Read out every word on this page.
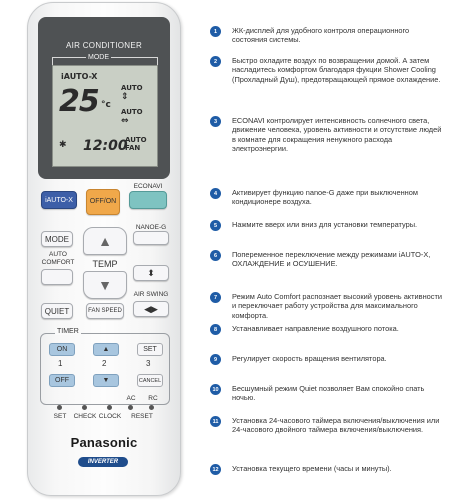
AIR CONDITIONER
MODE
iAUTO-X
25 °c
AUTO
⇕
AUTO
⇔
12:00
✱	AUTO
FAN
iAUTO-X	OFF/ON
ECONAVI
MODE ▲
NANOE-G
AUTO COMFORT	TEMP
▼
⬍
QUIET	FAN SPEED
AIR SWING
◀▶
TIMER
ON	▲	SET
1	2	3
OFF	▼	CANCEL
AC	RC
SET	CHECK CLOCK	RESET
Panasonic
INVERTER
1	ЖК-дисплей для удобного контроля операционного состояния системы.
2	Быстро охладите воздух по возвращении домой. А затем насладитесь комфортом благодаря фукции Shower Cooling (Прохладный Душ), предотвращающей прямое охлаждение.
3	ECONAVI контролирует интенсивность солнечного света, движение человека, уровень активности и отсутствие людей в комнате для сокращения ненужного расхода электроэнергии.
4	Активирует функцию nanoe-G даже при выключенном кондиционере воздуха.
5	Нажмите вверх или вниз для установки температуры.
6	Попеременное переключение между режимами iAUTO-X, ОХЛАЖДЕНИЕ и ОСУШЕНИЕ.
7	Режим Auto Comfort распознает высокий уровень активности и переключает работу устройства для максимального комфорта.
8	Устанавливает направление воздушного потока.
9	Регулирует скорость вращения вентилятора.
10	Бесшумный режим Quiet позволяет Вам спокойно спать ночью.
11	Установка 24-часового таймера включения/выключения или 24-часового двойного таймера включения/выключения.
12	Установка текущего времени (часы и минуты).
